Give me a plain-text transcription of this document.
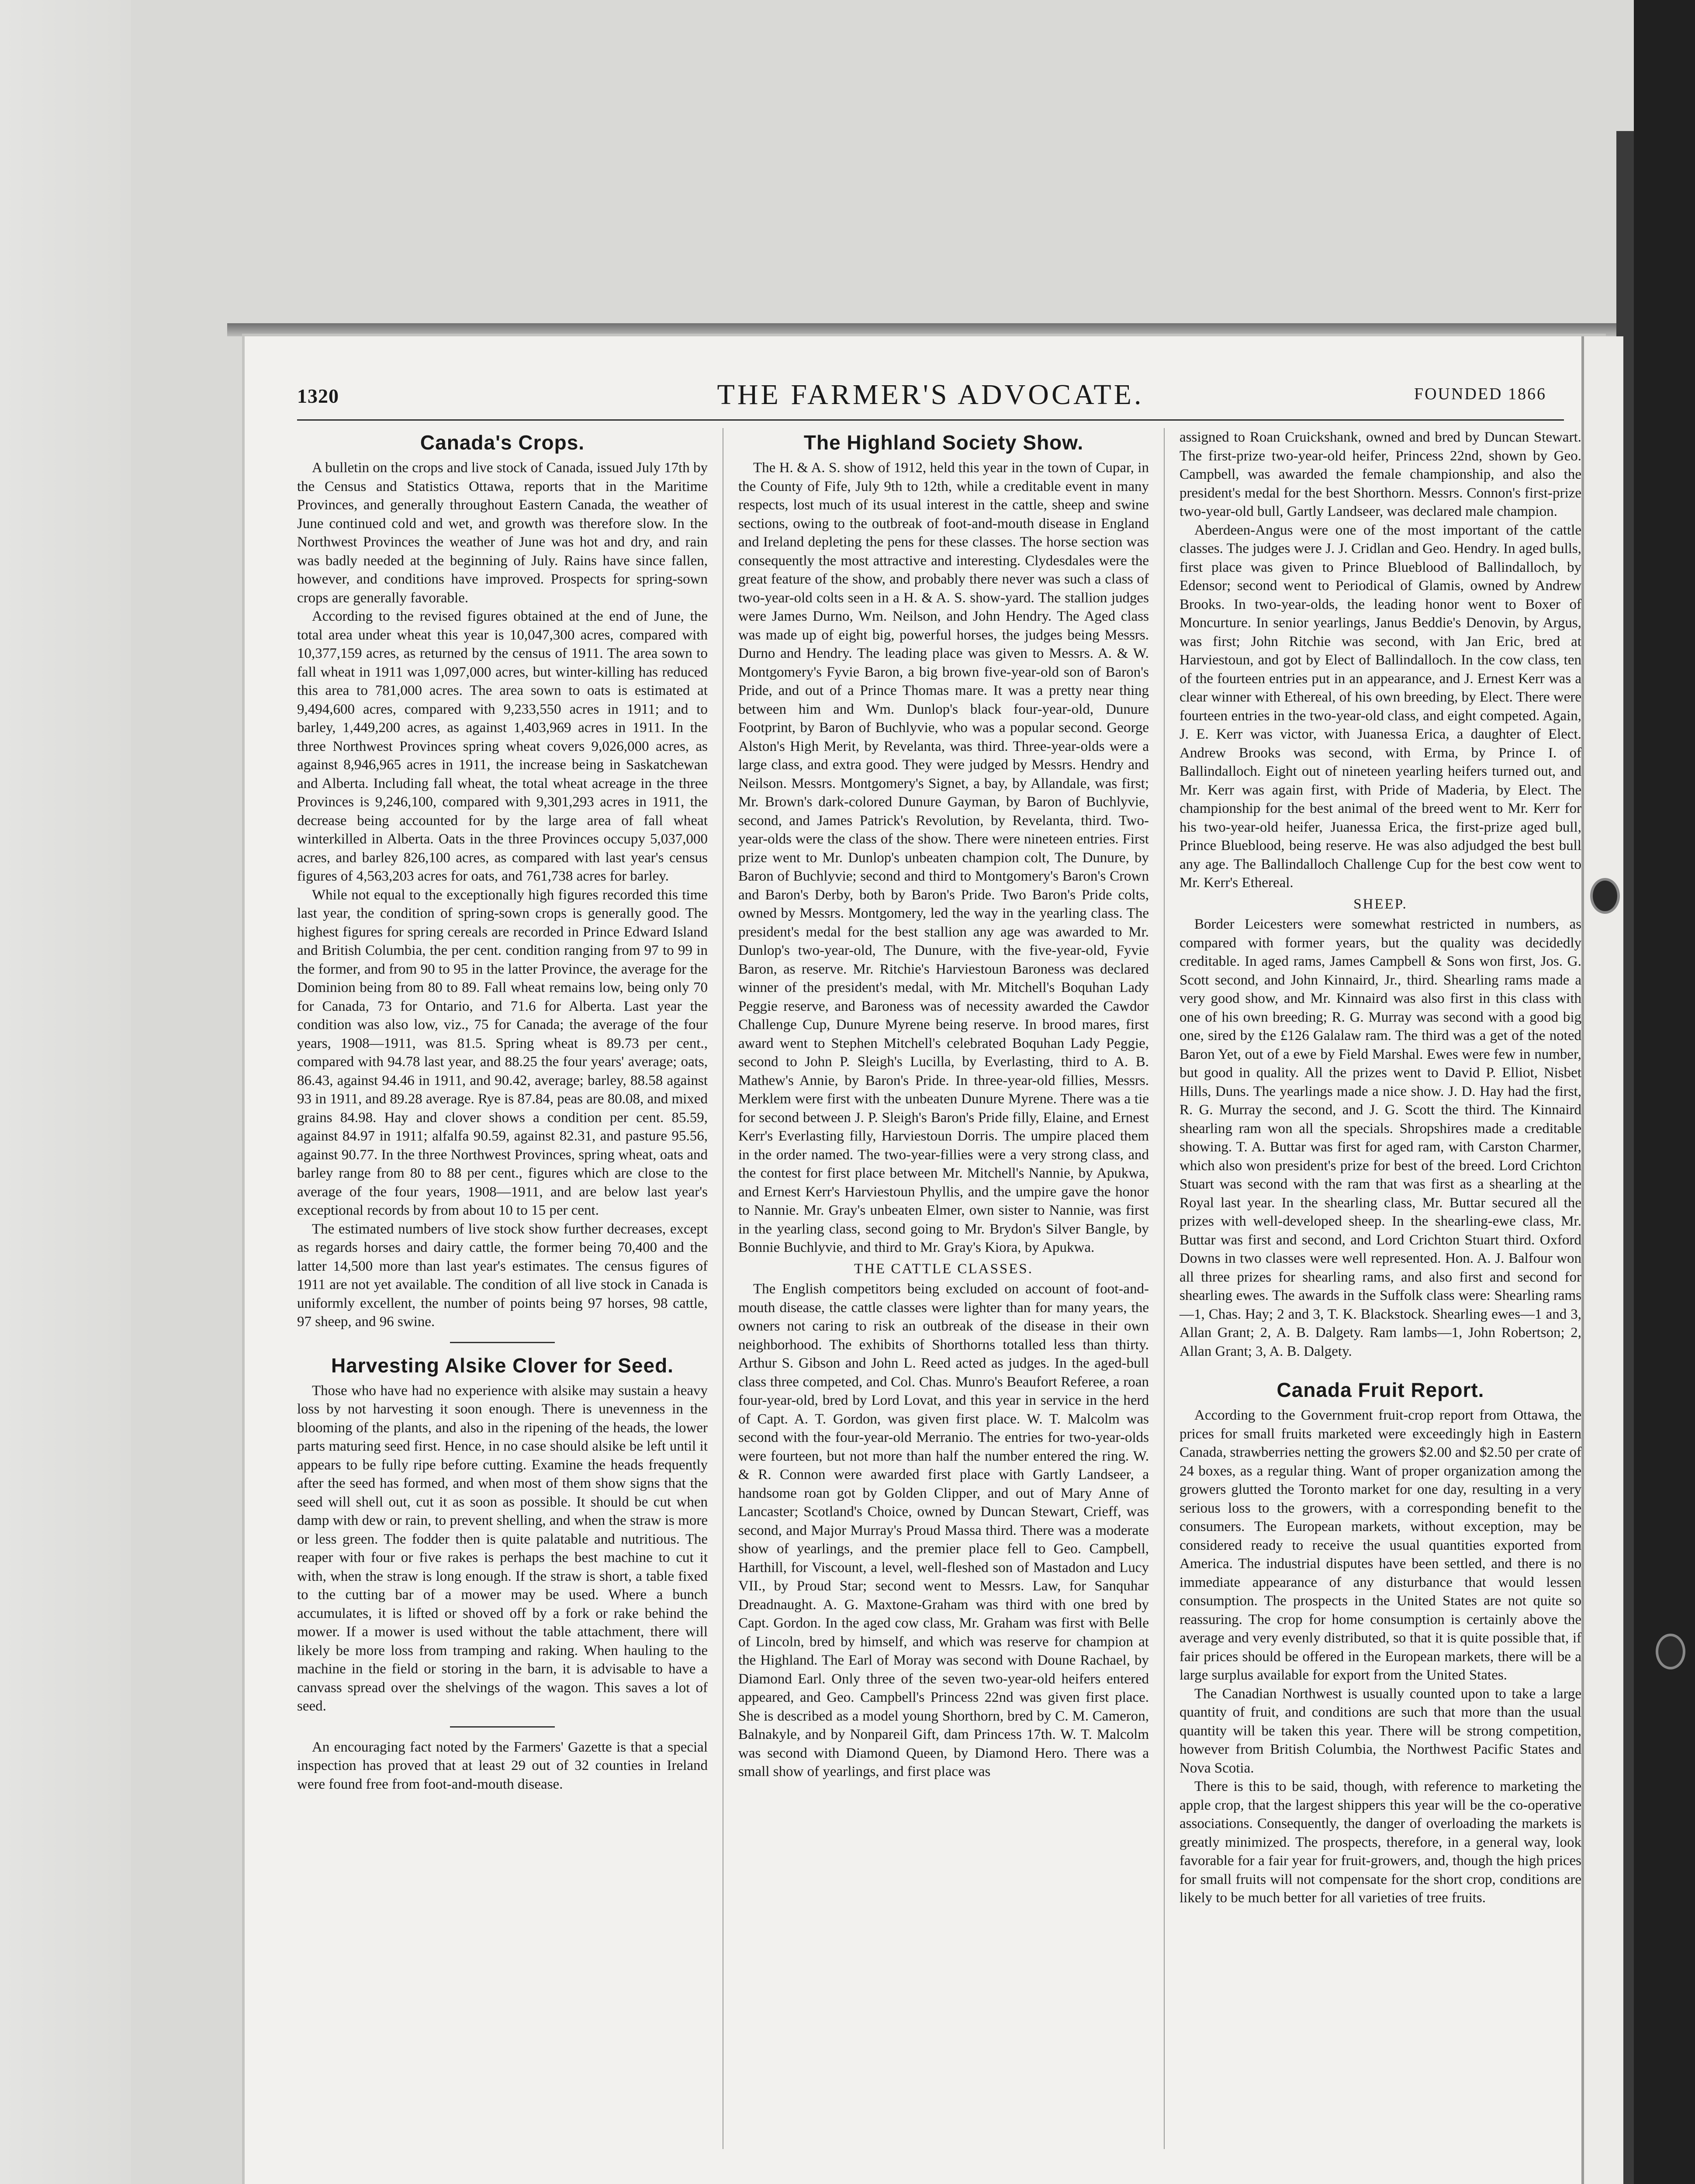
1320	THE FARMER'S ADVOCATE.	FOUNDED 1866
Canada's Crops.

A bulletin on the crops and live stock of Canada, issued July 17th by the Census and Statistics Ottawa, reports that in the Maritime Provinces, and generally throughout Eastern Canada, the weather of June continued cold and wet, and growth was therefore slow. In the Northwest Provinces the weather of June was hot and dry, and rain was badly needed at the beginning of July. Rains have since fallen, however, and conditions have improved. Prospects for spring-sown crops are generally favorable.

According to the revised figures obtained at the end of June, the total area under wheat this year is 10,047,300 acres, compared with 10,377,159 acres, as returned by the census of 1911. The area sown to fall wheat in 1911 was 1,097,000 acres, but winter-killing has reduced this area to 781,000 acres. The area sown to oats is estimated at 9,494,600 acres, compared with 9,233,550 acres in 1911; and to barley, 1,449,200 acres, as against 1,403,969 acres in 1911. In the three Northwest Provinces spring wheat covers 9,026,000 acres, as against 8,946,965 acres in 1911, the increase being in Saskatchewan and Alberta. Including fall wheat, the total wheat acreage in the three Provinces is 9,246,100, compared with 9,301,293 acres in 1911, the decrease being accounted for by the large area of fall wheat winterkilled in Alberta. Oats in the three Provinces occupy 5,037,000 acres, and barley 826,100 acres, as compared with last year's census figures of 4,563,203 acres for oats, and 761,738 acres for barley.

While not equal to the exceptionally high figures recorded this time last year, the condition of spring-sown crops is generally good. The highest figures for spring cereals are recorded in Prince Edward Island and British Columbia, the per cent. condition ranging from 97 to 99 in the former, and from 90 to 95 in the latter Province, the average for the Dominion being from 80 to 89. Fall wheat remains low, being only 70 for Canada, 73 for Ontario, and 71.6 for Alberta. Last year the condition was also low, viz., 75 for Canada; the average of the four years, 1908—1911, was 81.5. Spring wheat is 89.73 per cent., compared with 94.78 last year, and 88.25 the four years' average; oats, 86.43, against 94.46 in 1911, and 90.42, average; barley, 88.58 against 93 in 1911, and 89.28 average. Rye is 87.84, peas are 80.08, and mixed grains 84.98. Hay and clover shows a condition per cent. 85.59, against 84.97 in 1911; alfalfa 90.59, against 82.31, and pasture 95.56, against 90.77. In the three Northwest Provinces, spring wheat, oats and barley range from 80 to 88 per cent., figures which are close to the average of the four years, 1908—1911, and are below last year's exceptional records by from about 10 to 15 per cent.

The estimated numbers of live stock show further decreases, except as regards horses and dairy cattle, the former being 70,400 and the latter 14,500 more than last year's estimates. The census figures of 1911 are not yet available. The condition of all live stock in Canada is uniformly excellent, the number of points being 97 horses, 98 cattle, 97 sheep, and 96 swine.

Harvesting Alsike Clover for Seed.

Those who have had no experience with alsike may sustain a heavy loss by not harvesting it soon enough. There is unevenness in the blooming of the plants, and also in the ripening of the heads, the lower parts maturing seed first. Hence, in no case should alsike be left until it appears to be fully ripe before cutting. Examine the heads frequently after the seed has formed, and when most of them show signs that the seed will shell out, cut it as soon as possible. It should be cut when damp with dew or rain, to prevent shelling, and when the straw is more or less green. The fodder then is quite palatable and nutritious. The reaper with four or five rakes is perhaps the best machine to cut it with, when the straw is long enough. If the straw is short, a table fixed to the cutting bar of a mower may be used. Where a bunch accumulates, it is lifted or shoved off by a fork or rake behind the mower. If a mower is used without the table attachment, there will likely be more loss from tramping and raking. When hauling to the machine in the field or storing in the barn, it is advisable to have a canvass spread over the shelvings of the wagon. This saves a lot of seed.

An encouraging fact noted by the Farmers' Gazette is that a special inspection has proved that at least 29 out of 32 counties in Ireland were found free from foot-and-mouth disease.

The Highland Society Show.

The H. & A. S. show of 1912, held this year in the town of Cupar, in the County of Fife, July 9th to 12th, while a creditable event in many respects, lost much of its usual interest in the cattle, sheep and swine sections, owing to the outbreak of foot-and-mouth disease in England and Ireland depleting the pens for these classes. The horse section was consequently the most attractive and interesting. Clydesdales were the great feature of the show, and probably there never was such a class of two-year-old colts seen in a H. & A. S. show-yard. The stallion judges were James Durno, Wm. Neilson, and John Hendry. The Aged class was made up of eight big, powerful horses, the judges being Messrs. Durno and Hendry. The leading place was given to Messrs. A. & W. Montgomery's Fyvie Baron, a big brown five-year-old son of Baron's Pride, and out of a Prince Thomas mare. It was a pretty near thing between him and Wm. Dunlop's black four-year-old, Dunure Footprint, by Baron of Buchlyvie, who was a popular second. George Alston's High Merit, by Revelanta, was third. Three-year-olds were a large class, and extra good. They were judged by Messrs. Hendry and Neilson. Messrs. Montgomery's Signet, a bay, by Allandale, was first; Mr. Brown's dark-colored Dunure Gayman, by Baron of Buchlyvie, second, and James Patrick's Revolution, by Revelanta, third. Two-year-olds were the class of the show. There were nineteen entries. First prize went to Mr. Dunlop's unbeaten champion colt, The Dunure, by Baron of Buchlyvie; second and third to Montgomery's Baron's Crown and Baron's Derby, both by Baron's Pride. Two Baron's Pride colts, owned by Messrs. Montgomery, led the way in the yearling class. The president's medal for the best stallion any age was awarded to Mr. Dunlop's two-year-old, The Dunure, with the five-year-old, Fyvie Baron, as reserve. Mr. Ritchie's Harviestoun Baroness was declared winner of the president's medal, with Mr. Mitchell's Boquhan Lady Peggie reserve, and Baroness was of necessity awarded the Cawdor Challenge Cup, Dunure Myrene being reserve. In brood mares, first award went to Stephen Mitchell's celebrated Boquhan Lady Peggie, second to John P. Sleigh's Lucilla, by Everlasting, third to A. B. Mathew's Annie, by Baron's Pride. In three-year-old fillies, Messrs. Merklem were first with the unbeaten Dunure Myrene. There was a tie for second between J. P. Sleigh's Baron's Pride filly, Elaine, and Ernest Kerr's Everlasting filly, Harviestoun Dorris. The umpire placed them in the order named. The two-year-fillies were a very strong class, and the contest for first place between Mr. Mitchell's Nannie, by Apukwa, and Ernest Kerr's Harviestoun Phyllis, and the umpire gave the honor to Nannie. Mr. Gray's unbeaten Elmer, own sister to Nannie, was first in the yearling class, second going to Mr. Brydon's Silver Bangle, by Bonnie Buchlyvie, and third to Mr. Gray's Kiora, by Apukwa.

THE CATTLE CLASSES.

The English competitors being excluded on account of foot-and-mouth disease, the cattle classes were lighter than for many years, the owners not caring to risk an outbreak of the disease in their own neighborhood. The exhibits of Shorthorns totalled less than thirty. Arthur S. Gibson and John L. Reed acted as judges. In the aged-bull class three competed, and Col. Chas. Munro's Beaufort Referee, a roan four-year-old, bred by Lord Lovat, and this year in service in the herd of Capt. A. T. Gordon, was given first place. W. T. Malcolm was second with the four-year-old Merranio. The entries for two-year-olds were fourteen, but not more than half the number entered the ring. W. & R. Connon were awarded first place with Gartly Landseer, a handsome roan got by Golden Clipper, and out of Mary Anne of Lancaster; Scotland's Choice, owned by Duncan Stewart, Crieff, was second, and Major Murray's Proud Massa third. There was a moderate show of yearlings, and the premier place fell to Geo. Campbell, Harthill, for Viscount, a level, well-fleshed son of Mastadon and Lucy VII., by Proud Star; second went to Messrs. Law, for Sanquhar Dreadnaught. A. G. Maxtone-Graham was third with one bred by Capt. Gordon. In the aged cow class, Mr. Graham was first with Belle of Lincoln, bred by himself, and which was reserve for champion at the Highland. The Earl of Moray was second with Doune Rachael, by Diamond Earl. Only three of the seven two-year-old heifers entered appeared, and Geo. Campbell's Princess 22nd was given first place. She is described as a model young Shorthorn, bred by C. M. Cameron, Balnakyle, and by Nonpareil Gift, dam Princess 17th. W. T. Malcolm was second with Diamond Queen, by Diamond Hero. There was a small show of yearlings, and first place was

assigned to Roan Cruickshank, owned and bred by Duncan Stewart. The first-prize two-year-old heifer, Princess 22nd, shown by Geo. Campbell, was awarded the female championship, and also the president's medal for the best Shorthorn. Messrs. Connon's first-prize two-year-old bull, Gartly Landseer, was declared male champion.

Aberdeen-Angus were one of the most important of the cattle classes. The judges were J. J. Cridlan and Geo. Hendry. In aged bulls, first place was given to Prince Blueblood of Ballindalloch, by Edensor; second went to Periodical of Glamis, owned by Andrew Brooks. In two-year-olds, the leading honor went to Boxer of Moncurture. In senior yearlings, Janus Beddie's Denovin, by Argus, was first; John Ritchie was second, with Jan Eric, bred at Harviestoun, and got by Elect of Ballindalloch. In the cow class, ten of the fourteen entries put in an appearance, and J. Ernest Kerr was a clear winner with Ethereal, of his own breeding, by Elect. There were fourteen entries in the two-year-old class, and eight competed. Again, J. E. Kerr was victor, with Juanessa Erica, a daughter of Elect. Andrew Brooks was second, with Erma, by Prince I. of Ballindalloch. Eight out of nineteen yearling heifers turned out, and Mr. Kerr was again first, with Pride of Maderia, by Elect. The championship for the best animal of the breed went to Mr. Kerr for his two-year-old heifer, Juanessa Erica, the first-prize aged bull, Prince Blueblood, being reserve. He was also adjudged the best bull any age. The Ballindalloch Challenge Cup for the best cow went to Mr. Kerr's Ethereal.

SHEEP.

Border Leicesters were somewhat restricted in numbers, as compared with former years, but the quality was decidedly creditable. In aged rams, James Campbell & Sons won first, Jos. G. Scott second, and John Kinnaird, Jr., third. Shearling rams made a very good show, and Mr. Kinnaird was also first in this class with one of his own breeding; R. G. Murray was second with a good big one, sired by the £126 Galalaw ram. The third was a get of the noted Baron Yet, out of a ewe by Field Marshal. Ewes were few in number, but good in quality. All the prizes went to David P. Elliot, Nisbet Hills, Duns. The yearlings made a nice show. J. D. Hay had the first, R. G. Murray the second, and J. G. Scott the third. The Kinnaird shearling ram won all the specials. Shropshires made a creditable showing. T. A. Buttar was first for aged ram, with Carston Charmer, which also won president's prize for best of the breed. Lord Crichton Stuart was second with the ram that was first as a shearling at the Royal last year. In the shearling class, Mr. Buttar secured all the prizes with well-developed sheep. In the shearling-ewe class, Mr. Buttar was first and second, and Lord Crichton Stuart third. Oxford Downs in two classes were well represented. Hon. A. J. Balfour won all three prizes for shearling rams, and also first and second for shearling ewes. The awards in the Suffolk class were: Shearling rams—1, Chas. Hay; 2 and 3, T. K. Blackstock. Shearling ewes—1 and 3, Allan Grant; 2, A. B. Dalgety. Ram lambs—1, John Robertson; 2, Allan Grant; 3, A. B. Dalgety.

Canada Fruit Report.

According to the Government fruit-crop report from Ottawa, the prices for small fruits marketed were exceedingly high in Eastern Canada, strawberries netting the growers $2.00 and $2.50 per crate of 24 boxes, as a regular thing. Want of proper organization among the growers glutted the Toronto market for one day, resulting in a very serious loss to the growers, with a corresponding benefit to the consumers. The European markets, without exception, may be considered ready to receive the usual quantities exported from America. The industrial disputes have been settled, and there is no immediate appearance of any disturbance that would lessen consumption. The prospects in the United States are not quite so reassuring. The crop for home consumption is certainly above the average and very evenly distributed, so that it is quite possible that, if fair prices should be offered in the European markets, there will be a large surplus available for export from the United States.

The Canadian Northwest is usually counted upon to take a large quantity of fruit, and conditions are such that more than the usual quantity will be taken this year. There will be strong competition, however from British Columbia, the Northwest Pacific States and Nova Scotia.

There is this to be said, though, with reference to marketing the apple crop, that the largest shippers this year will be the co-operative associations. Consequently, the danger of overloading the markets is greatly minimized. The prospects, therefore, in a general way, look favorable for a fair year for fruit-growers, and, though the high prices for small fruits will not compensate for the short crop, conditions are likely to be much better for all varieties of tree fruits.
